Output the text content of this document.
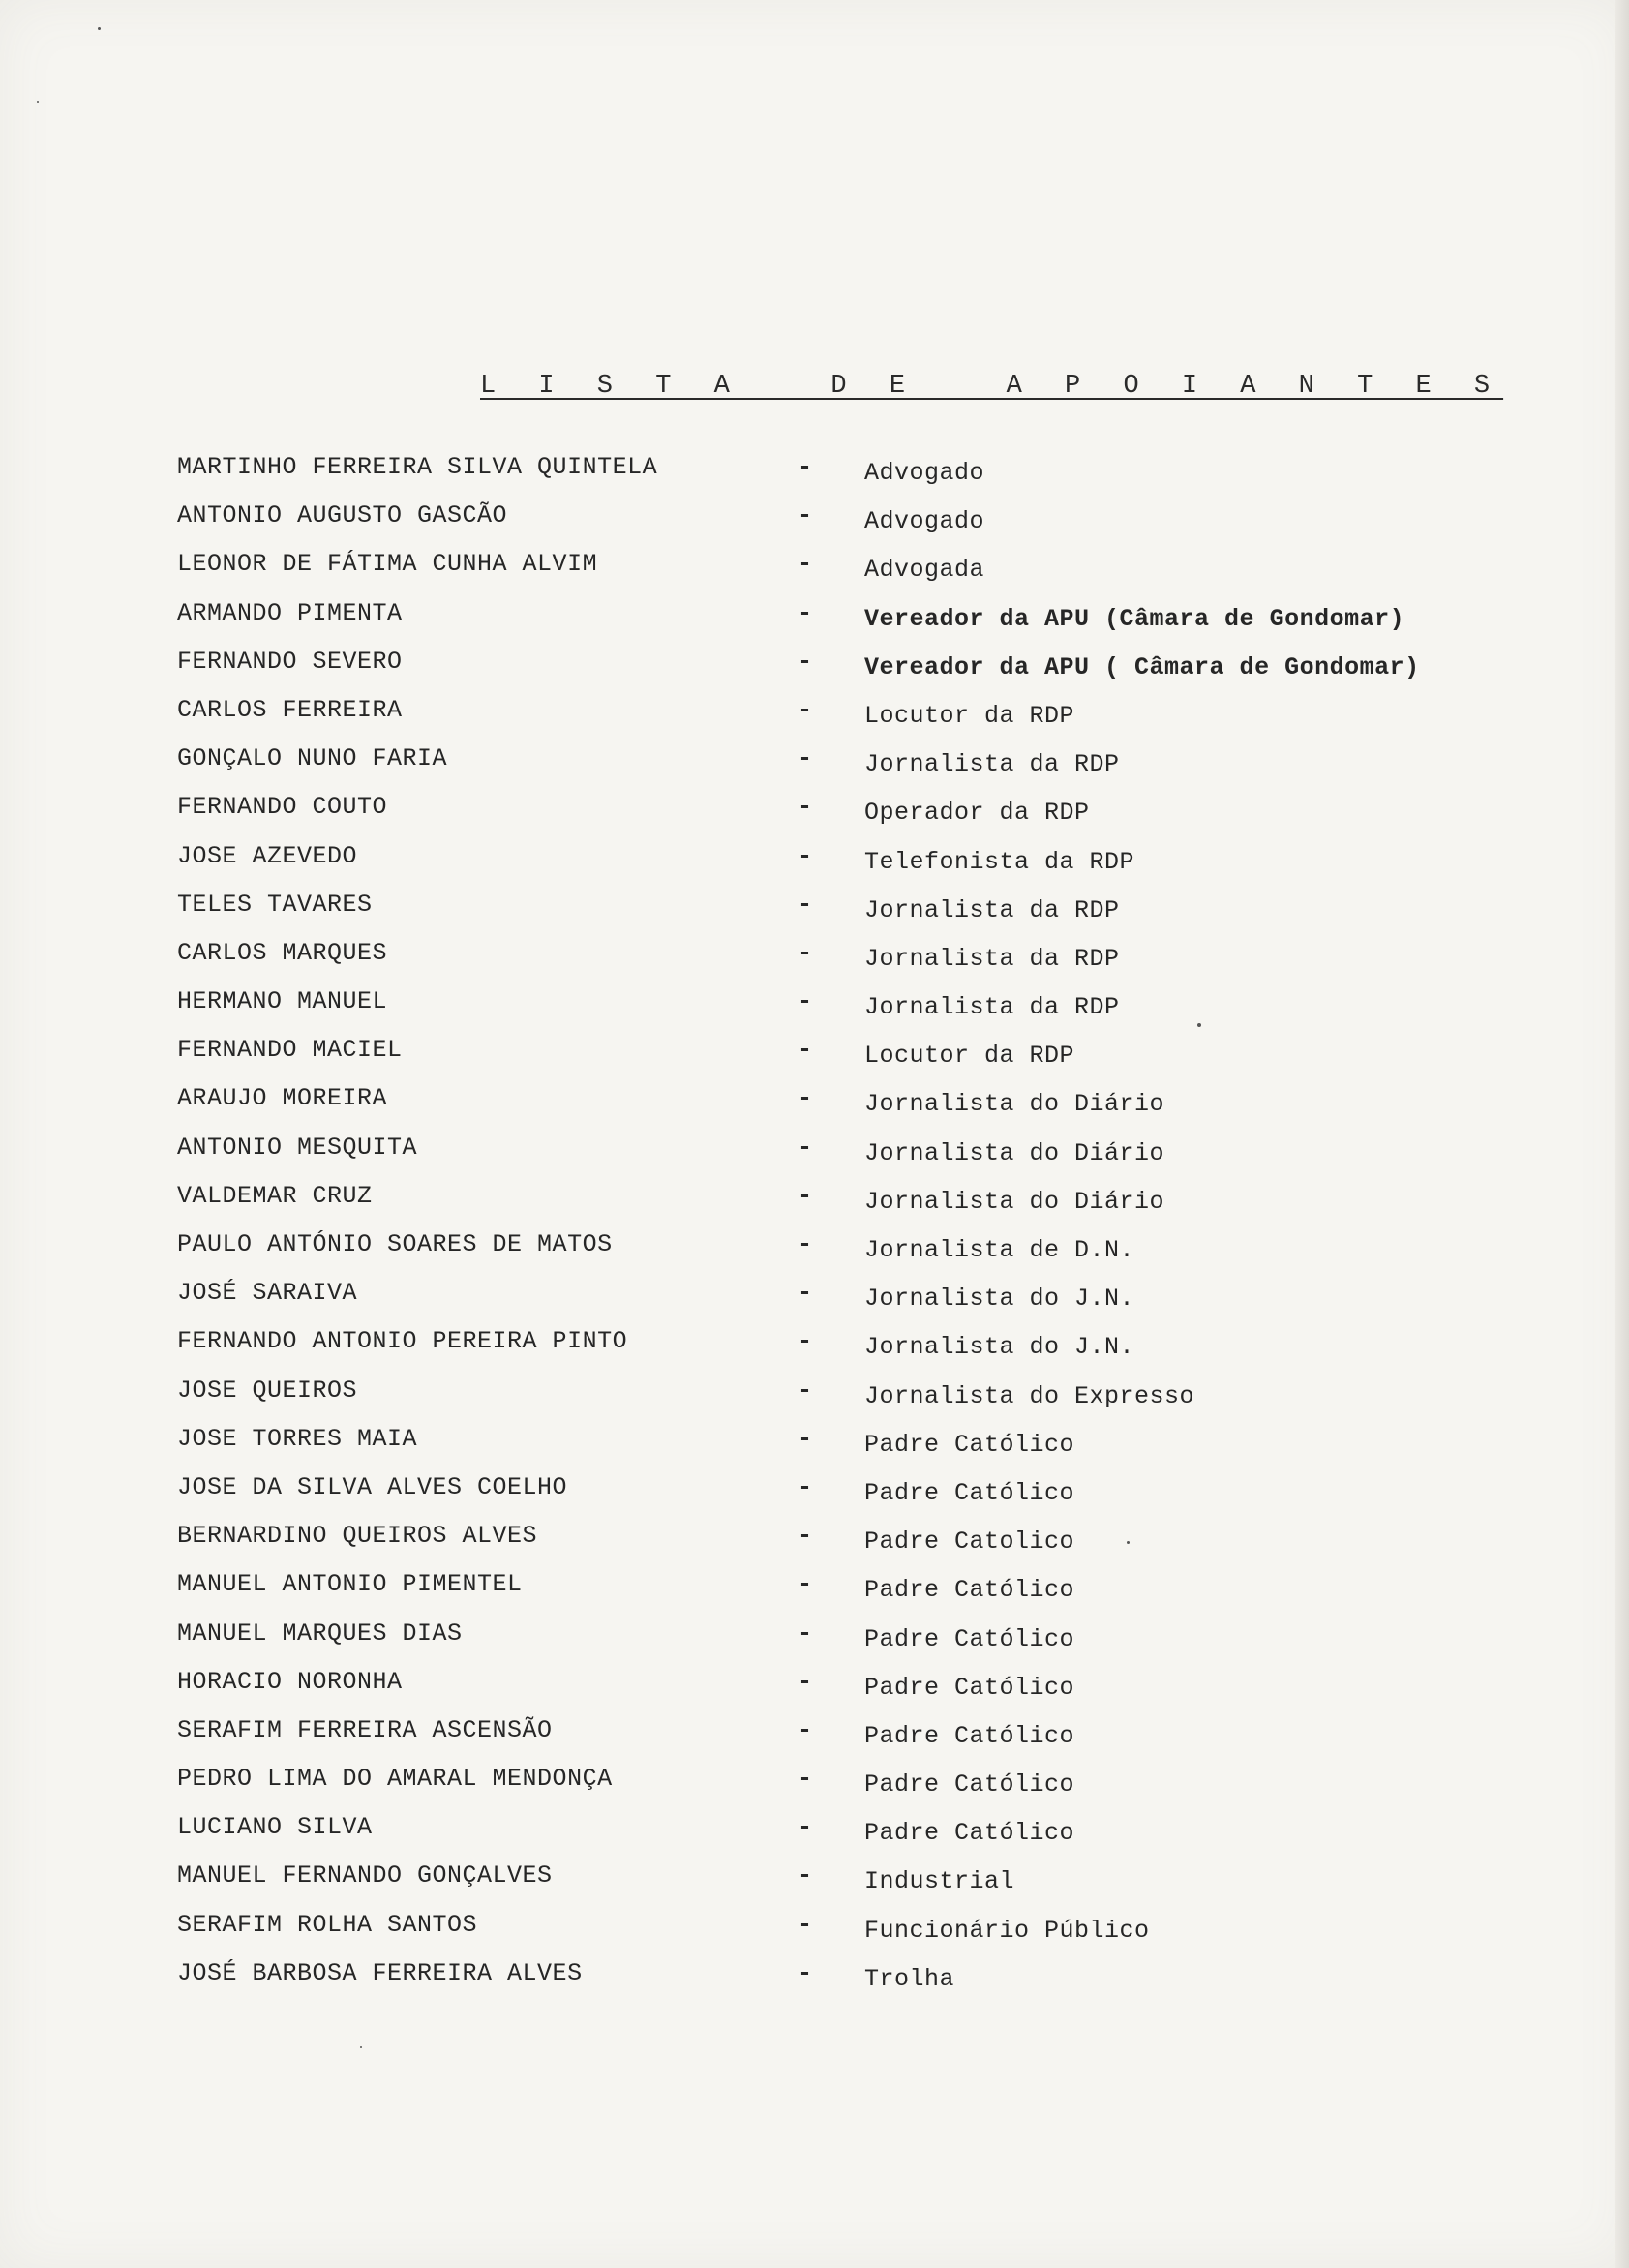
L I S T A   D E   A P O I A N T E S
MARTINHO FERREIRA SILVA QUINTELA	- Advogado
ANTONIO AUGUSTO GASCÃO	- Advogado
LEONOR DE FÁTIMA CUNHA ALVIM	- Advogada
ARMANDO PIMENTA	- Vereador da APU (Câmara de Gondomar)
FERNANDO SEVERO	- Vereador da APU ( Câmara de Gondomar)
CARLOS FERREIRA	- Locutor da RDP
GONÇALO NUNO FARIA	- Jornalista da RDP
FERNANDO COUTO	- Operador da RDP
JOSE AZEVEDO	- Telefonista da RDP
TELES TAVARES	- Jornalista da RDP
CARLOS MARQUES	- Jornalista da RDP
HERMANO MANUEL	- Jornalista da RDP
FERNANDO MACIEL	- Locutor da RDP
ARAUJO MOREIRA	- Jornalista do Diário
ANTONIO MESQUITA	- Jornalista do Diário
VALDEMAR CRUZ	- Jornalista do Diário
PAULO ANTÓNIO SOARES DE MATOS	- Jornalista de D.N.
JOSÉ SARAIVA	- Jornalista do J.N.
FERNANDO ANTONIO PEREIRA PINTO	- Jornalista do J.N.
JOSE QUEIROS	- Jornalista do Expresso
JOSE TORRES MAIA	- Padre Católico
JOSE DA SILVA ALVES COELHO	- Padre Católico
BERNARDINO QUEIROS ALVES	- Padre Catolico
MANUEL ANTONIO PIMENTEL	- Padre Católico
MANUEL MARQUES DIAS	- Padre Católico
HORACIO NORONHA	- Padre Católico
SERAFIM FERREIRA ASCENSÃO	- Padre Católico
PEDRO LIMA DO AMARAL MENDONÇA	- Padre Católico
LUCIANO SILVA	- Padre Católico
MANUEL FERNANDO GONÇALVES	- Industrial
SERAFIM ROLHA SANTOS	- Funcionário Público
JOSÉ BARBOSA FERREIRA ALVES	- Trolha
